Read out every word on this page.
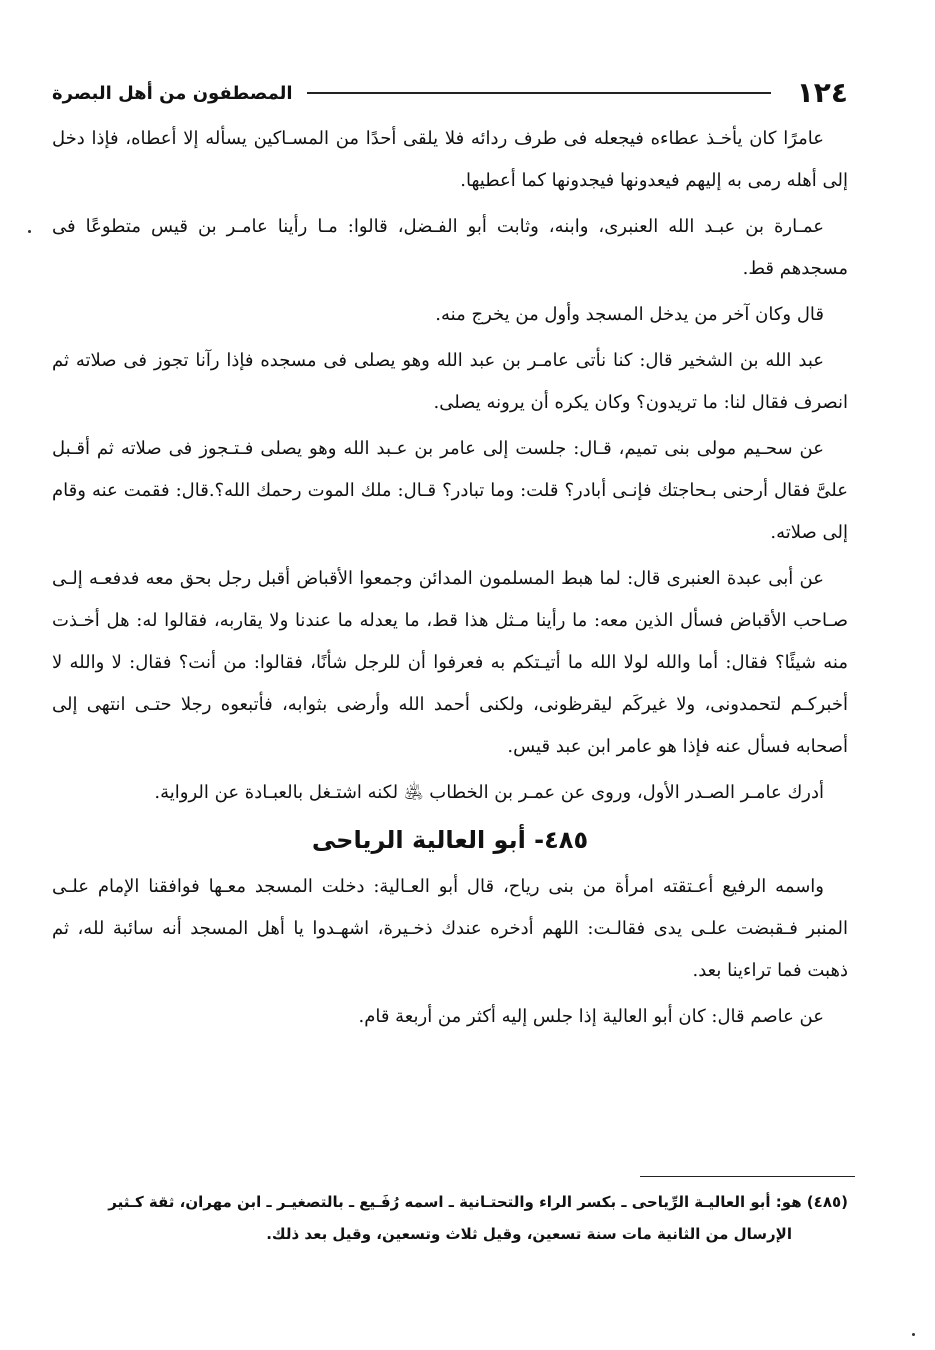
١٢٤
المصطفون من أهل البصرة

عامرًا كان يأخـذ عطاءه فيجعله فى طرف ردائه فلا يلقى أحدًا من المسـاكين يسأله إلا أعطاه، فإذا دخل إلى أهله رمى به إليهم فيعدونها فيجدونها كما أعطيها.

عمـارة بن عبـد الله العنبرى، وابنه، وثابت أبو الفـضل، قالوا: مـا رأينا عامـر بن قيس متطوعًا فى مسجدهم قط.

قال وكان آخر من يدخل المسجد وأول من يخرج منه.

عبد الله بن الشخير قال: كنا نأتى عامـر بن عبد الله وهو يصلى فى مسجده فإذا رآنا تجوز فى صلاته ثم انصرف فقال لنا: ما تريدون؟ وكان يكره أن يرونه يصلى.

عن سحـيم مولى بنى تميم، قـال: جلست إلى عامر بن عـبد الله وهو يصلى فـتـجوز فى صلاته ثم أقـبل علىَّ فقال أرحنى بـحاجتك فإنـى أبادر؟ قلت: وما تبادر؟ قـال: ملك الموت رحمك الله؟.قال: فقمت عنه وقام إلى صلاته.

عن أبى عبدة العنبرى قال: لما هبط المسلمون المدائن وجمعوا الأقباض أقبل رجل بحق معه فدفعـه إلـى صـاحب الأقباض فسأل الذين معه: ما رأينا مـثل هذا قط، ما يعدله ما عندنا ولا يقاربه، فقالوا له: هل أخـذت منه شيئًا؟ فقال: أما والله لولا الله ما أتيـتكم به فعرفوا أن للرجل شأنًا، فقالوا: من أنت؟ فقال: لا والله لا أخبركـم لتحمدونى، ولا غيركَم ليقرظونى، ولكنى أحمد الله وأرضى بثوابه، فأتبعوه رجلا حتـى انتهى إلى أصحابه فسأل عنه فإذا هو عامر ابن عبد قيس.

أدرك عامـر الصـدر الأول، وروى عن عمـر بن الخطاب ﵁ لكنه اشتـغل بالعبـادة عن الرواية.

٤٨٥- أبو العالية الرياحى

واسمه الرفيع أعـتقته امرأة من بنى رياح، قال أبو العـالية: دخلت المسجد معـها فوافقنا الإمام علـى المنبر فـقبضت علـى يدى فقالـت: اللهم أدخره عندك ذخـيرة، اشهـدوا يا أهل المسجد أنه سائبة لله، ثم ذهبت فما تراءينا بعد.

عن عاصم قال: كان أبو العالية إذا جلس إليه أكثر من أربعة قام.

(٤٨٥) هو: أبو العاليـة الرِّياحى ـ بكسر الراء والتحتـانية ـ اسمه رُفَـيع ـ بالتصغيـر ـ ابن مهران، ثقة كـثير

الإرسال من الثانية مات سنة تسعين، وقيل ثلاث وتسعين، وقيل بعد ذلك.
